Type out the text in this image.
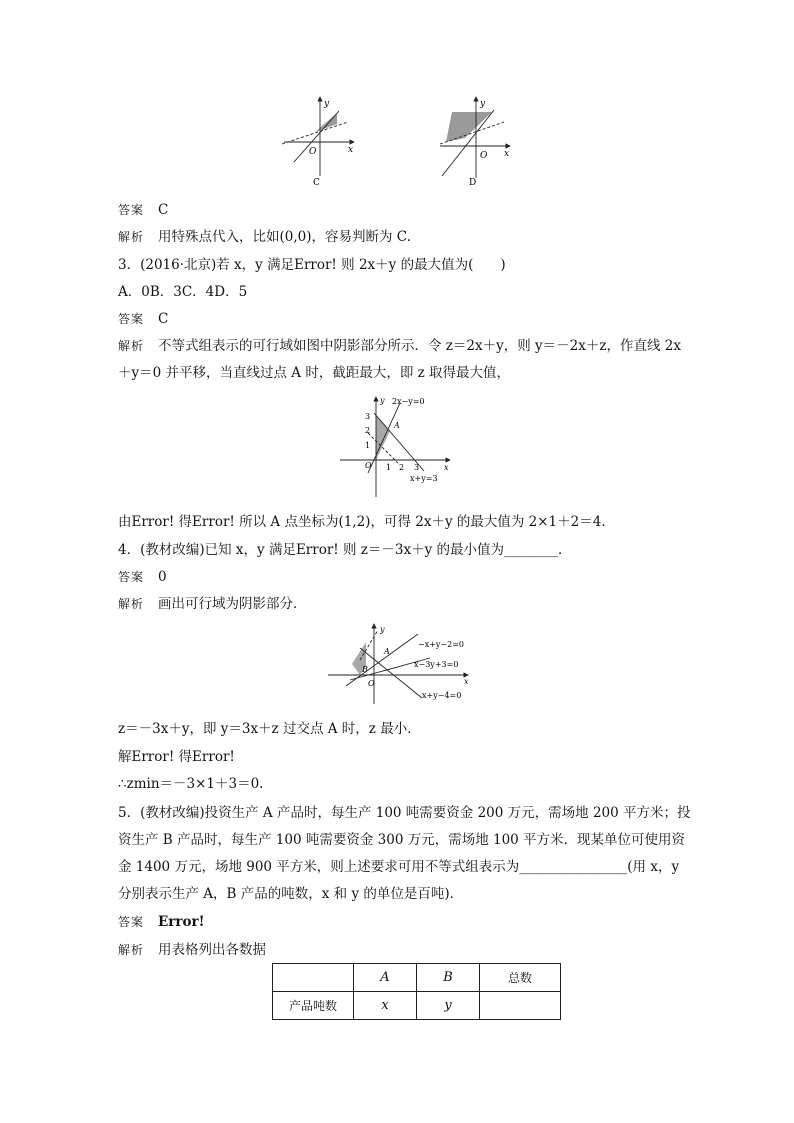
y
x
O
C
y
x
O
D
答案 C
解析 用特殊点代入，比如(0,0)，容易判断为 C.
3．(2016·北京)若 x，y 满足Error! 则 2x＋y 的最大值为(　　)
A．0B．3C．4D．5
答案 C
解析 不等式组表示的可行域如图中阴影部分所示．令 z＝2x＋y，则 y＝－2x＋z，作直线 2x
＋y＝0 并平移，当直线过点 A 时，截距最大，即 z 取得最大值，
y 2x−y=0
3
2
1
A
O 1 2 3	x
x+y=3
由Error! 得Error! 所以 A 点坐标为(1,2)，可得 2x＋y 的最大值为 2×1＋2＝4.
4．(教材改编)已知 x，y 满足Error! 则 z＝－3x＋y 的最小值为________．
答案 0
解析 画出可行域为阴影部分．
y
−x+y−2=0
A
x−3y+3=0
B
O	x
x+y−4=0
z＝－3x＋y，即 y＝3x＋z 过交点 A 时，z 最小．
解Error! 得Error!
∴zmin＝－3×1＋3＝0.
5．(教材改编)投资生产 A 产品时，每生产 100 吨需要资金 200 万元，需场地 200 平方米；投
资生产 B 产品时，每生产 100 吨需要资金 300 万元，需场地 100 平方米．现某单位可使用资
金 1400 万元，场地 900 平方米，则上述要求可用不等式组表示为________________(用 x，y
分别表示生产 A，B 产品的吨数，x 和 y 的单位是百吨)．
答案 Error!
解析 用表格列出各数据
	A	B	总数
产品吨数	x	y	
